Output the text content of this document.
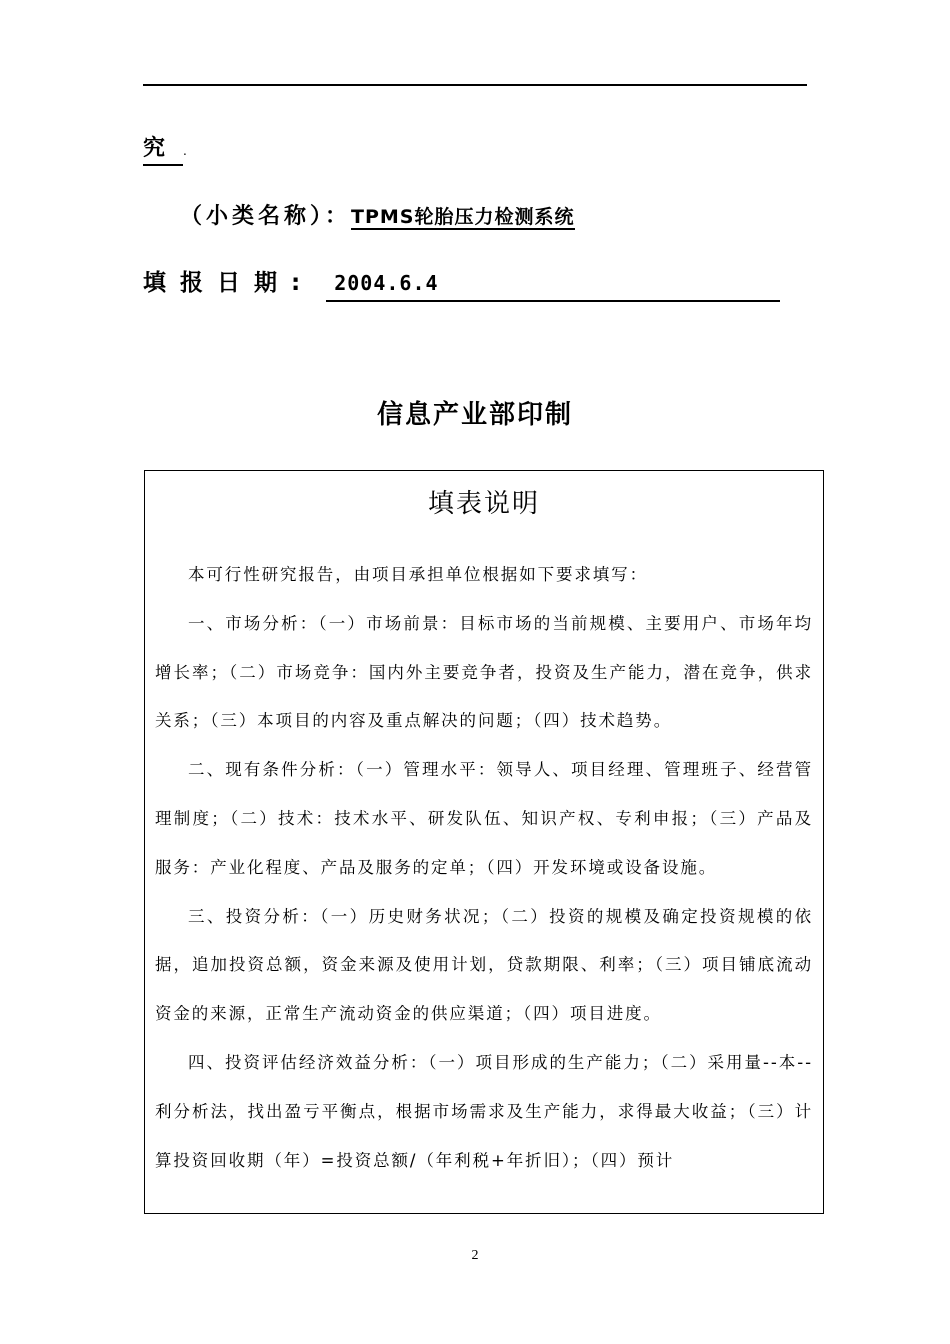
究 .
（小类名称）：TPMS轮胎压力检测系统
填报日期: 2004.6.4
信息产业部印制
填表说明

本可行性研究报告，由项目承担单位根据如下要求填写：

一、市场分析：（一）市场前景：目标市场的当前规模、主要用户、市场年均增长率；（二）市场竞争：国内外主要竞争者，投资及生产能力，潜在竞争，供求关系；（三）本项目的内容及重点解决的问题；（四）技术趋势。

二、现有条件分析：（一）管理水平：领导人、项目经理、管理班子、经营管理制度；（二）技术：技术水平、研发队伍、知识产权、专利申报；（三）产品及服务：产业化程度、产品及服务的定单；（四）开发环境或设备设施。

三、投资分析：（一）历史财务状况；（二）投资的规模及确定投资规模的依据，追加投资总额，资金来源及使用计划，贷款期限、利率；（三）项目铺底流动资金的来源，正常生产流动资金的供应渠道；（四）项目进度。

四、投资评估经济效益分析：（一）项目形成的生产能力；（二）采用量--本--利分析法，找出盈亏平衡点，根据市场需求及生产能力，求得最大收益；（三）计算投资回收期（年）=投资总额/（年利税+年折旧）；（四）预计

2
